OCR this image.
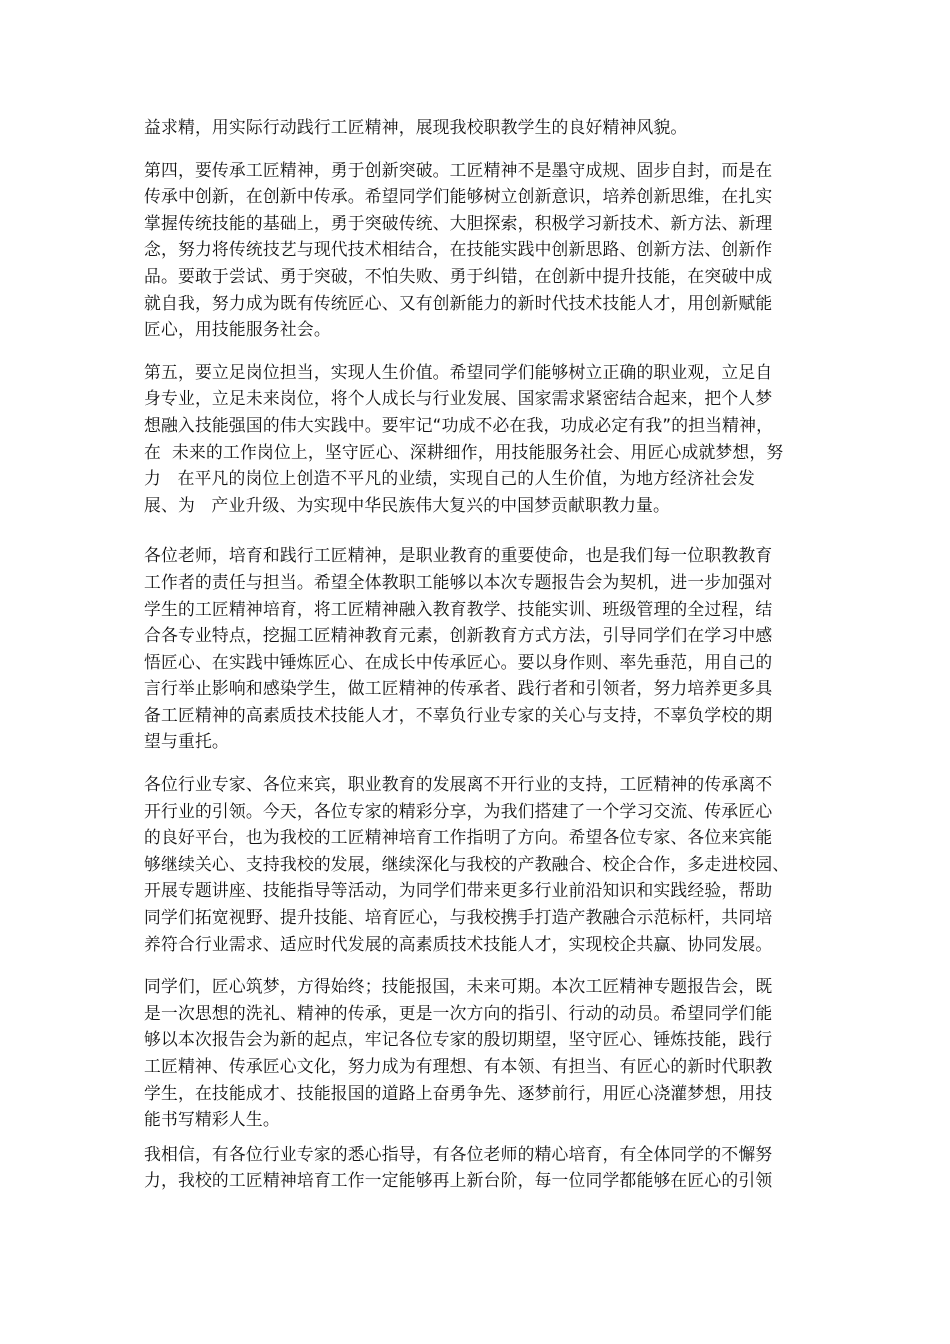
益求精，用实际行动践行工匠精神，展现我校职教学生的良好精神风貌。
第四，要传承工匠精神，勇于创新突破。工匠精神不是墨守成规、固步自封，而是在
传承中创新，在创新中传承。希望同学们能够树立创新意识，培养创新思维，在扎实
掌握传统技能的基础上，勇于突破传统、大胆探索，积极学习新技术、新方法、新理
念，努力将传统技艺与现代技术相结合，在技能实践中创新思路、创新方法、创新作
品。要敢于尝试、勇于突破，不怕失败、勇于纠错，在创新中提升技能，在突破中成
就自我，努力成为既有传统匠心、又有创新能力的新时代技术技能人才，用创新赋能
匠心，用技能服务社会。
第五，要立足岗位担当，实现人生价值。希望同学们能够树立正确的职业观，立足自
身专业，立足未来岗位，将个人成长与行业发展、国家需求紧密结合起来，把个人梦
想融入技能强国的伟大实践中。要牢记“功成不必在我，功成必定有我”的担当精神，
在  未来的工作岗位上，坚守匠心、深耕细作，用技能服务社会、用匠心成就梦想，努
力   在平凡的岗位上创造不平凡的业绩，实现自己的人生价值，为地方经济社会发
展、为   产业升级、为实现中华民族伟大复兴的中国梦贡献职教力量。
各位老师，培育和践行工匠精神，是职业教育的重要使命，也是我们每一位职教教育
工作者的责任与担当。希望全体教职工能够以本次专题报告会为契机，进一步加强对
学生的工匠精神培育，将工匠精神融入教育教学、技能实训、班级管理的全过程，结
合各专业特点，挖掘工匠精神教育元素，创新教育方式方法，引导同学们在学习中感
悟匠心、在实践中锤炼匠心、在成长中传承匠心。要以身作则、率先垂范，用自己的
言行举止影响和感染学生，做工匠精神的传承者、践行者和引领者，努力培养更多具
备工匠精神的高素质技术技能人才，不辜负行业专家的关心与支持，不辜负学校的期
望与重托。
各位行业专家、各位来宾，职业教育的发展离不开行业的支持，工匠精神的传承离不
开行业的引领。今天，各位专家的精彩分享，为我们搭建了一个学习交流、传承匠心
的良好平台，也为我校的工匠精神培育工作指明了方向。希望各位专家、各位来宾能
够继续关心、支持我校的发展，继续深化与我校的产教融合、校企合作，多走进校园、
开展专题讲座、技能指导等活动，为同学们带来更多行业前沿知识和实践经验，帮助
同学们拓宽视野、提升技能、培育匠心，与我校携手打造产教融合示范标杆，共同培
养符合行业需求、适应时代发展的高素质技术技能人才，实现校企共赢、协同发展。
同学们，匠心筑梦，方得始终；技能报国，未来可期。本次工匠精神专题报告会，既
是一次思想的洗礼、精神的传承，更是一次方向的指引、行动的动员。希望同学们能
够以本次报告会为新的起点，牢记各位专家的殷切期望，坚守匠心、锤炼技能，践行
工匠精神、传承匠心文化，努力成为有理想、有本领、有担当、有匠心的新时代职教
学生，在技能成才、技能报国的道路上奋勇争先、逐梦前行，用匠心浇灌梦想，用技
能书写精彩人生。
我相信，有各位行业专家的悉心指导，有各位老师的精心培育，有全体同学的不懈努
力，我校的工匠精神培育工作一定能够再上新台阶，每一位同学都能够在匠心的引领
